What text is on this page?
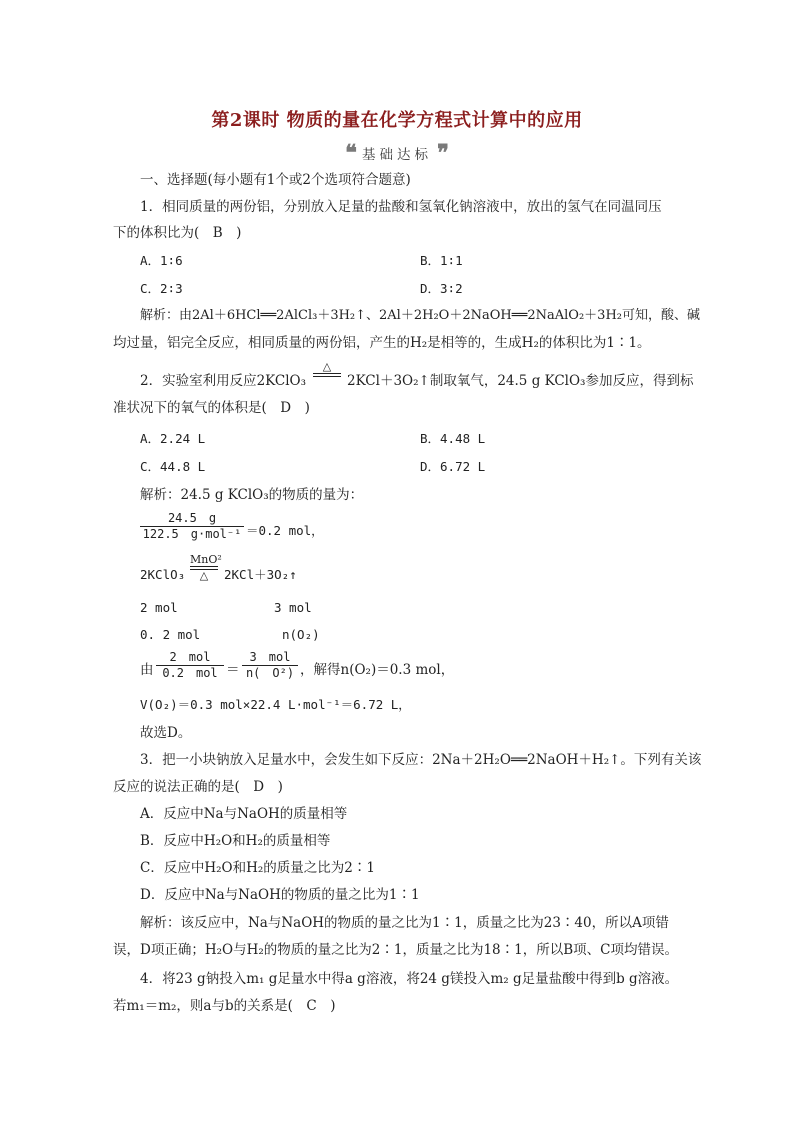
第2课时 物质的量在化学方程式计算中的应用
❝ 基础达标 ❞
一、选择题(每小题有1个或2个选项符合题意)
1．相同质量的两份铝，分别放入足量的盐酸和氢氧化钠溶液中，放出的氢气在同温同压
下的体积比为(　B　)
A．1∶6	B．1∶1
C．2∶3	D．3∶2
解析：由2Al＋6HCl══2AlCl₃＋3H₂↑、2Al＋2H₂O＋2NaOH══2NaAlO₂＋3H₂可知，酸、碱
均过量，铝完全反应，相同质量的两份铝，产生的H₂是相等的，生成H₂的体积比为1∶1。
2．实验室利用反应2KClO₃
△
2KCl＋3O₂↑制取氧气，24.5 g KClO₃参加反应，得到标
准状况下的氧气的体积是(　D　)
A．2.24 L	B．4.48 L
C．44.8 L	D．6.72 L
解析：24.5 g KClO₃的物质的量为：
24.5　g
122.5　g·mol⁻¹ ＝0.2 mol，
2KClO₃
MnO²
△	2KCl＋3O₂↑
2 mol	3 mol
0. 2 mol	n(O₂)
由
2　mol
0.2　mol ＝
3　mol
n(　O²) ，解得n(O₂)＝0.3 mol，
V(O₂)＝0.3 mol×22.4 L·mol⁻¹＝6.72 L，
故选D。
3．把一小块钠放入足量水中，会发生如下反应：2Na＋2H₂O══2NaOH＋H₂↑。下列有关该
反应的说法正确的是(　D　)
A．反应中Na与NaOH的质量相等
B．反应中H₂O和H₂的质量相等
C．反应中H₂O和H₂的质量之比为2∶1
D．反应中Na与NaOH的物质的量之比为1∶1
解析：该反应中，Na与NaOH的物质的量之比为1∶1，质量之比为23∶40，所以A项错
误，D项正确；H₂O与H₂的物质的量之比为2∶1，质量之比为18∶1，所以B项、C项均错误。
4．将23 g钠投入m₁ g足量水中得a g溶液，将24 g镁投入m₂ g足量盐酸中得到b g溶液。
若m₁＝m₂，则a与b的关系是(　C　)
